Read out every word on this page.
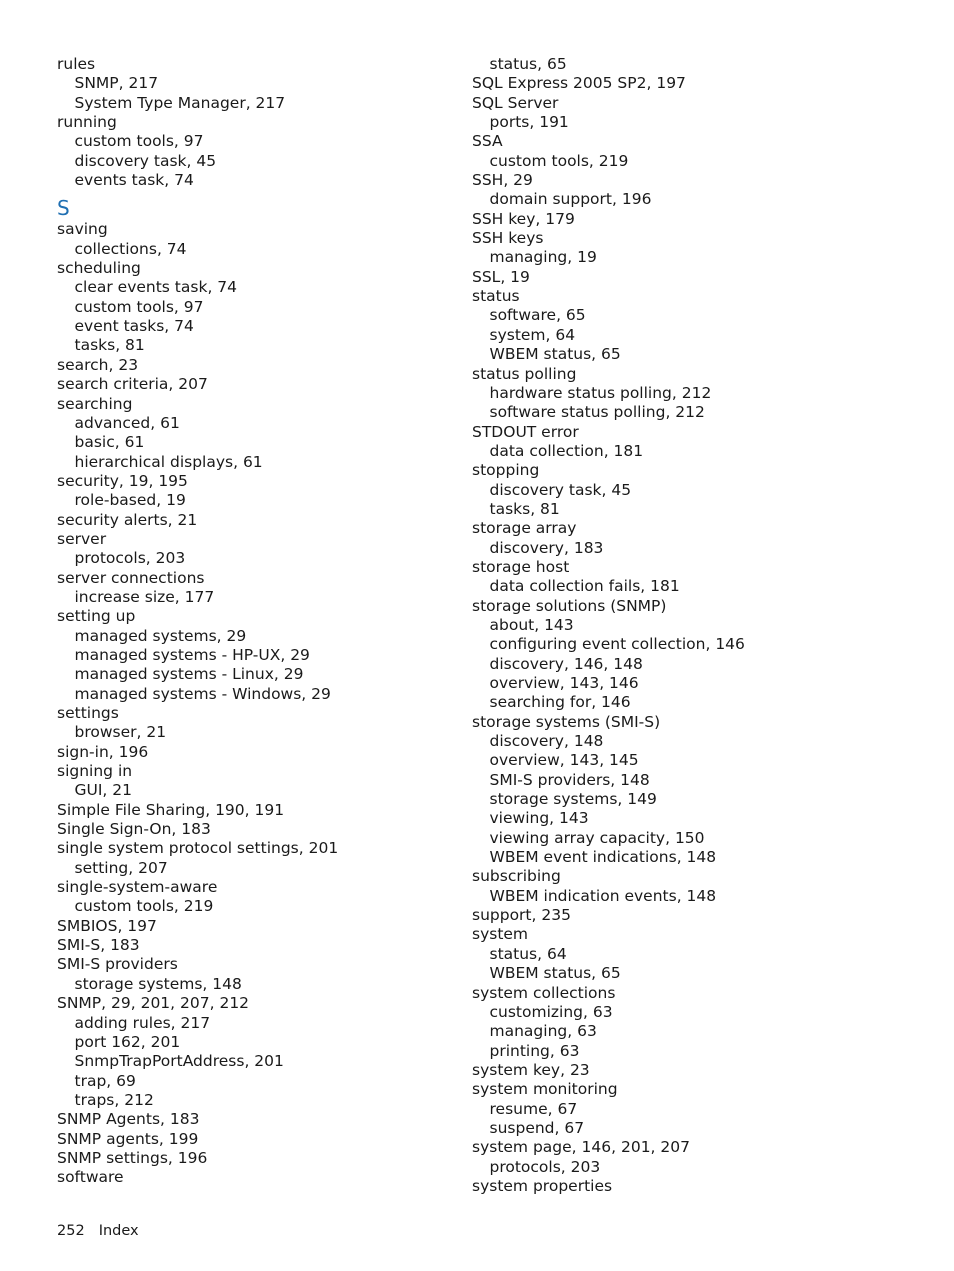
rules
SNMP, 217
System Type Manager, 217
running
custom tools, 97
discovery task, 45
events task, 74
S
saving
collections, 74
scheduling
clear events task, 74
custom tools, 97
event tasks, 74
tasks, 81
search, 23
search criteria, 207
searching
advanced, 61
basic, 61
hierarchical displays, 61
security, 19, 195
role-based, 19
security alerts, 21
server
protocols, 203
server connections
increase size, 177
setting up
managed systems, 29
managed systems - HP-UX, 29
managed systems - Linux, 29
managed systems - Windows, 29
settings
browser, 21
sign-in, 196
signing in
GUI, 21
Simple File Sharing, 190, 191
Single Sign-On, 183
single system protocol settings, 201
setting, 207
single-system-aware
custom tools, 219
SMBIOS, 197
SMI-S, 183
SMI-S providers
storage systems, 148
SNMP, 29, 201, 207, 212
adding rules, 217
port 162, 201
SnmpTrapPortAddress, 201
trap, 69
traps, 212
SNMP Agents, 183
SNMP agents, 199
SNMP settings, 196
software
status, 65
SQL Express 2005 SP2, 197
SQL Server
ports, 191
SSA
custom tools, 219
SSH, 29
domain support, 196
SSH key, 179
SSH keys
managing, 19
SSL, 19
status
software, 65
system, 64
WBEM status, 65
status polling
hardware status polling, 212
software status polling, 212
STDOUT error
data collection, 181
stopping
discovery task, 45
tasks, 81
storage array
discovery, 183
storage host
data collection fails, 181
storage solutions (SNMP)
about, 143
configuring event collection, 146
discovery, 146, 148
overview, 143, 146
searching for, 146
storage systems (SMI-S)
discovery, 148
overview, 143, 145
SMI-S providers, 148
storage systems, 149
viewing, 143
viewing array capacity, 150
WBEM event indications, 148
subscribing
WBEM indication events, 148
support, 235
system
status, 64
WBEM status, 65
system collections
customizing, 63
managing, 63
printing, 63
system key, 23
system monitoring
resume, 67
suspend, 67
system page, 146, 201, 207
protocols, 203
system properties
252 Index
